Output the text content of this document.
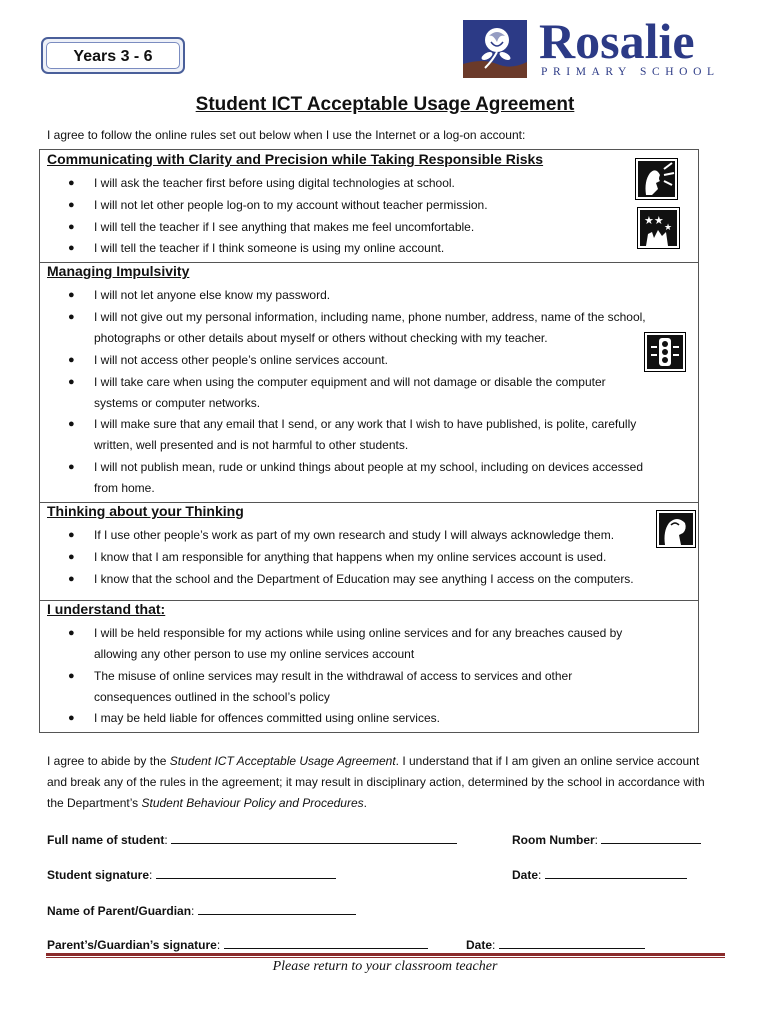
Years 3 - 6	Rosalie
PRIMARY SCHOOL
Student ICT Acceptable Usage Agreement
I agree to follow the online rules set out below when I use the Internet or a log-on account:
Communicating with Clarity and Precision while Taking Responsible Risks
● I will ask the teacher first before using digital technologies at school.
● I will not let other people log-on to my account without teacher permission.
● I will tell the teacher if I see anything that makes me feel uncomfortable.
● I will tell the teacher if I think someone is using my online account.
★★
★
Managing Impulsivity
● I will not let anyone else know my password.
● I will not give out my personal information, including name, phone number, address, name of the school,
photographs or other details about myself or others without checking with my teacher.
● I will not access other people’s online services account.
● I will take care when using the computer equipment and will not damage or disable the computer
systems or computer networks.
● I will make sure that any email that I send, or any work that I wish to have published, is polite, carefully
written, well presented and is not harmful to other students.
● I will not publish mean, rude or unkind things about people at my school, including on devices accessed
from home.
Thinking about your Thinking
● If I use other people’s work as part of my own research and study I will always acknowledge them.
● I know that I am responsible for anything that happens when my online services account is used.
● I know that the school and the Department of Education may see anything I access on the computers.
I understand that:
● I will be held responsible for my actions while using online services and for any breaches caused by
allowing any other person to use my online services account
● The misuse of online services may result in the withdrawal of access to services and other
consequences outlined in the school’s policy
● I may be held liable for offences committed using online services.
I agree to abide by the Student ICT Acceptable Usage Agreement. I understand that if I am given an online service account and break any of the rules in the agreement; it may result in disciplinary action, determined by the school in accordance with the Department’s Student Behaviour Policy and Procedures.
Full name of student:	Room Number:
Student signature:	Date:
Name of Parent/Guardian:
Parent’s/Guardian’s signature:	Date:
Please return to your classroom teacher
